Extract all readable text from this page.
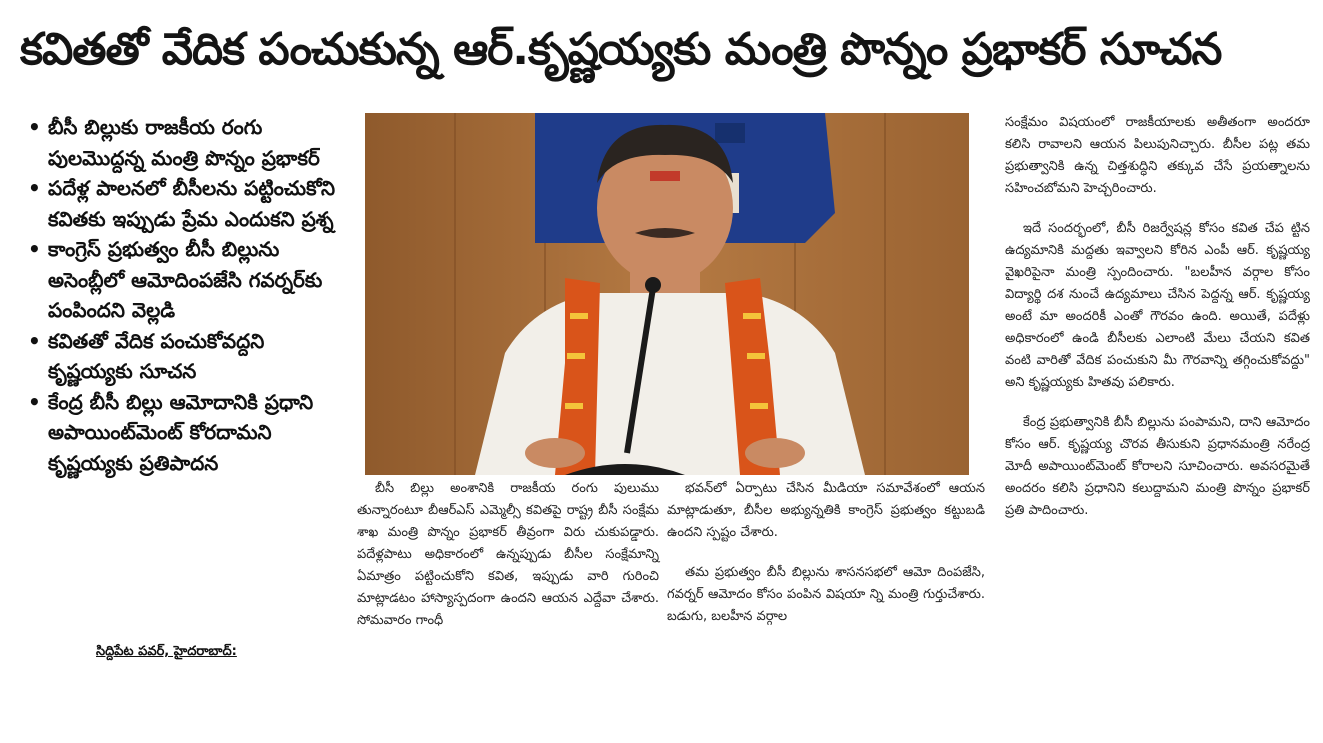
కవితతో వేదిక పంచుకున్న ఆర్.కృష్ణయ్యకు మంత్రి పొన్నం ప్రభాకర్ సూచన
• బీసీ బిల్లుకు రాజకీయ రంగు పులమొద్దన్న మంత్రి పొన్నం ప్రభాకర్
• పదేళ్ల పాలనలో బీసీలను పట్టించుకోని కవితకు ఇప్పుడు ప్రేమ ఎందుకని ప్రశ్న
• కాంగ్రెస్ ప్రభుత్వం బీసీ బిల్లును అసెంబ్లీలో ఆమోదింపజేసి గవర్నర్‌కు పంపిందని వెల్లడి
• కవితతో వేదిక పంచుకోవద్దని కృష్ణయ్యకు సూచన
• కేంద్ర బీసీ బిల్లు ఆమోదానికి ప్రధాని అపాయింట్‌మెంట్ కోరదామని కృష్ణయ్యకు ప్రతిపాదన
సిద్దిపేట పవర్, హైదరాబాద్:

బీసీ బిల్లు అంశానికి రాజకీయ రంగు పులుము తున్నారంటూ బీఆర్ఎస్ ఎమ్మెల్సీ కవితపై రాష్ట్ర బీసీ సంక్షేమ శాఖ మంత్రి పొన్నం ప్రభాకర్ తీవ్రంగా విరు చుకుపడ్డారు. పదేళ్లపాటు అధికారంలో ఉన్నప్పుడు బీసీల సంక్షేమాన్ని ఏమాత్రం పట్టించుకోని కవిత, ఇప్పుడు వారి గురించి మాట్లాడటం హాస్యాస్పదంగా ఉందని ఆయన ఎద్దేవా చేశారు. సోమవారం గాంధీ

భవన్‌లో ఏర్పాటు చేసిన మీడియా సమావేశంలో ఆయన మాట్లాడుతూ, బీసీల అభ్యున్నతికి కాంగ్రెస్ ప్రభుత్వం కట్టుబడి ఉందని స్పష్టం చేశారు.

తమ ప్రభుత్వం బీసీ బిల్లును శాసనసభలో ఆమో దింపజేసి, గవర్నర్ ఆమోదం కోసం పంపిన విషయా న్ని మంత్రి గుర్తుచేశారు. బడుగు, బలహీన వర్గాల

సంక్షేమం విషయంలో రాజకీయాలకు అతీతంగా అందరూ కలిసి రావాలని ఆయన పిలుపునిచ్చారు. బీసీల పట్ల తమ ప్రభుత్వానికి ఉన్న చిత్తశుద్ధిని తక్కువ చేసే ప్రయత్నాలను సహించబోమని హెచ్చరించారు.

ఇదే సందర్భంలో, బీసీ రిజర్వేషన్ల కోసం కవిత చేప ట్టిన ఉద్యమానికి మద్దతు ఇవ్వాలని కోరిన ఎంపీ ఆర్. కృష్ణయ్య వైఖరిపైనా మంత్రి స్పందించారు. "బలహీన వర్గాల కోసం విద్యార్థి దశ నుంచే ఉద్యమాలు చేసిన పెద్దన్న ఆర్. కృష్ణయ్య అంటే మా అందరికీ ఎంతో గౌరవం ఉంది. అయితే, పదేళ్లు అధికారంలో ఉండి బీసీలకు ఎలాంటి మేలు చేయని కవిత వంటి వారితో వేదిక పంచుకుని మీ గౌరవాన్ని తగ్గించుకోవద్దు" అని కృష్ణయ్యకు హితవు పలికారు.

కేంద్ర ప్రభుత్వానికి బీసీ బిల్లును పంపామని, దాని ఆమోదం కోసం ఆర్. కృష్ణయ్య చొరవ తీసుకుని ప్రధానమంత్రి నరేంద్ర మోదీ అపాయింట్‌మెంట్ కోరాలని సూచించారు. అవసరమైతే అందరం కలిసి ప్రధానిని కలుద్దామని మంత్రి పొన్నం ప్రభాకర్ ప్రతి పాదించారు.
